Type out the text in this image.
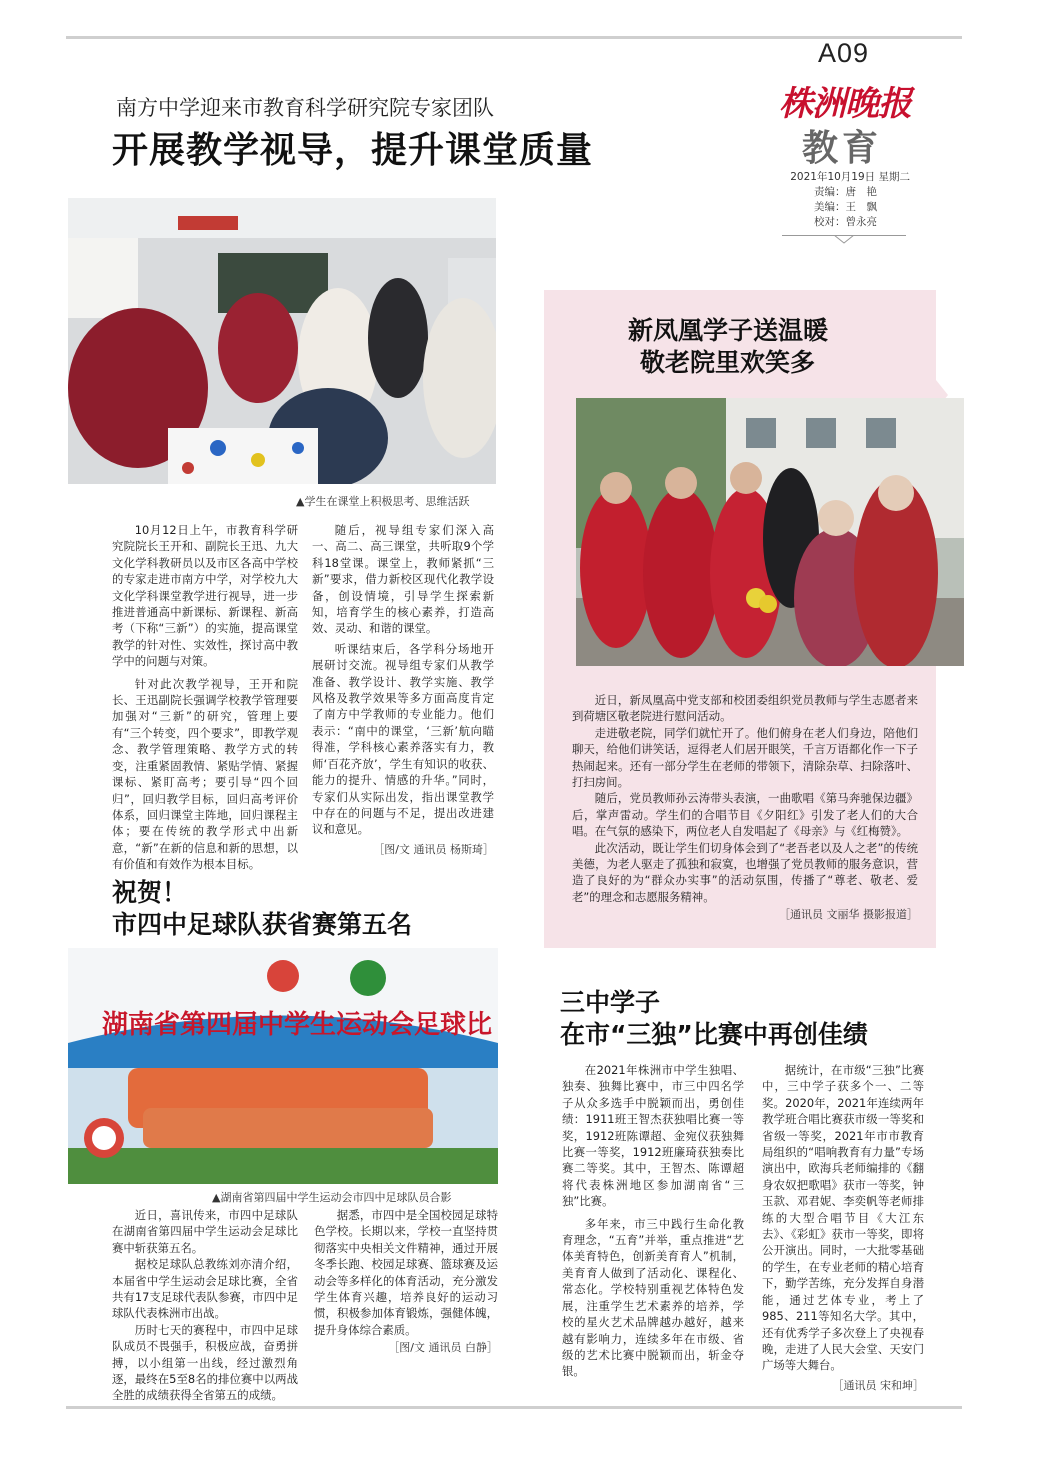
A09
株洲晚报
教育
2021年10月19日 星期二
责编：唐　艳
美编：王　飘
校对：曾永亮
南方中学迎来市教育科学研究院专家团队
开展教学视导，提升课堂质量
▲学生在课堂上积极思考、思维活跃

10月12日上午，市教育科学研究院院长王开和、副院长王迅、九大文化学科教研员以及市区各高中学校的专家走进市南方中学，对学校九大文化学科课堂教学进行视导，进一步推进普通高中新课标、新课程、新高考（下称“三新”）的实施，提高课堂教学的针对性、实效性，探讨高中教学中的问题与对策。

针对此次教学视导，王开和院长、王迅副院长强调学校教学管理要加强对“三新”的研究，管理上要有“三个转变，四个要求”，即教学观念、教学管理策略、教学方式的转变，注重紧固教情、紧贴学情、紧握课标、紧盯高考；要引导“四个回归”，回归教学目标，回归高考评价体系，回归课堂主阵地，回归课程主体；要在传统的教学形式中出新意，“新”在新的信息和新的思想，以有价值和有效作为根本目标。

随后，视导组专家们深入高一、高二、高三课堂，共听取9个学科18堂课。课堂上，教师紧抓“三新”要求，借力新校区现代化教学设备，创设情境，引导学生探索新知，培育学生的核心素养，打造高效、灵动、和谐的课堂。

听课结束后，各学科分场地开展研讨交流。视导组专家们从教学准备、教学设计、教学实施、教学风格及教学效果等多方面高度肯定了南方中学教师的专业能力。他们表示：“南中的课堂，‘三新’航向瞄得准，学科核心素养落实有力，教师‘百花齐放’，学生有知识的收获、能力的提升、情感的升华。”同时，专家们从实际出发，指出课堂教学中存在的问题与不足，提出改进建议和意见。

［图/文 通讯员 杨斯琦］
新凤凰学子送温暖
敬老院里欢笑多

近日，新凤凰高中党支部和校团委组织党员教师与学生志愿者来到荷塘区敬老院进行慰问活动。

走进敬老院，同学们就忙开了。他们俯身在老人们身边，陪他们聊天，给他们讲笑话，逗得老人们居开眼笑，千言万语都化作一下子热闹起来。还有一部分学生在老师的带领下，清除杂草、扫除落叶、打扫房间。

随后，党员教师孙云涛带头表演，一曲歌唱《第马奔驰保边疆》后，掌声雷动。学生们的合唱节目《夕阳红》引发了老人们的大合唱。在气氛的感染下，两位老人自发唱起了《母亲》与《红梅赞》。

此次活动，既让学生们切身体会到了“老吾老以及人之老”的传统美德，为老人驱走了孤独和寂寞，也增强了党员教师的服务意识，营造了良好的为“群众办实事”的活动氛围，传播了“尊老、敬老、爱老”的理念和志愿服务精神。

［通讯员 文丽华 摄影报道］
祝贺！
市四中足球队获省赛第五名
湖南省第四届中学生运动会足球比
▲湖南省第四届中学生运动会市四中足球队员合影

近日，喜讯传来，市四中足球队在湖南省第四届中学生运动会足球比赛中斩获第五名。

据校足球队总教练刘亦清介绍，本届省中学生运动会足球比赛，全省共有17支足球代表队参赛，市四中足球队代表株洲市出战。

历时七天的赛程中，市四中足球队成员不畏强手，积极应战，奋勇拼搏，以小组第一出线，经过激烈角逐，最终在5至8名的排位赛中以两战全胜的成绩获得全省第五的成绩。

据悉，市四中是全国校园足球特色学校。长期以来，学校一直坚持贯彻落实中央相关文件精神，通过开展冬季长跑、校园足球赛、篮球赛及运动会等多样化的体育活动，充分激发学生体育兴趣，培养良好的运动习惯，积极参加体育锻炼，强健体魄，提升身体综合素质。

［图/文 通讯员 白静］
三中学子
在市“三独”比赛中再创佳绩

在2021年株洲市中学生独唱、独奏、独舞比赛中，市三中四名学子从众多选手中脱颖而出，勇创佳绩：1911班王智杰获独唱比赛一等奖，1912班陈谭超、金宛仪获独舞比赛一等奖，1912班廉琦获独奏比赛二等奖。其中，王智杰、陈谭超将代表株洲地区参加湖南省“三独”比赛。

多年来，市三中践行生命化教育理念，“五育”并举，重点推进“艺体美育特色，创新美育育人”机制，美育育人做到了活动化、课程化、常态化。学校特别重视艺体特色发展，注重学生艺术素养的培养，学校的星火艺术品牌越办越好，越来越有影响力，连续多年在市级、省级的艺术比赛中脱颖而出，斩金夺银。

据统计，在市级“三独”比赛中，三中学子获多个一、二等奖。2020年，2021年连续两年教学班合唱比赛获市级一等奖和省级一等奖，2021年市市教育局组织的“唱响教育有力量”专场演出中，欧海兵老师编排的《翻身农奴把歌唱》获市一等奖，钟玉款、邓君妮、李奕帆等老师排练的大型合唱节目《大江东去》、《彩虹》获市一等奖，即将公开演出。同时，一大批零基础的学生，在专业老师的精心培育下，勤学苦练，充分发挥自身潜能，通过艺体专业，考上了985、211等知名大学。其中，还有优秀学子多次登上了央视春晚，走进了人民大会堂、天安门广场等大舞台。

［通讯员 宋和坤］
